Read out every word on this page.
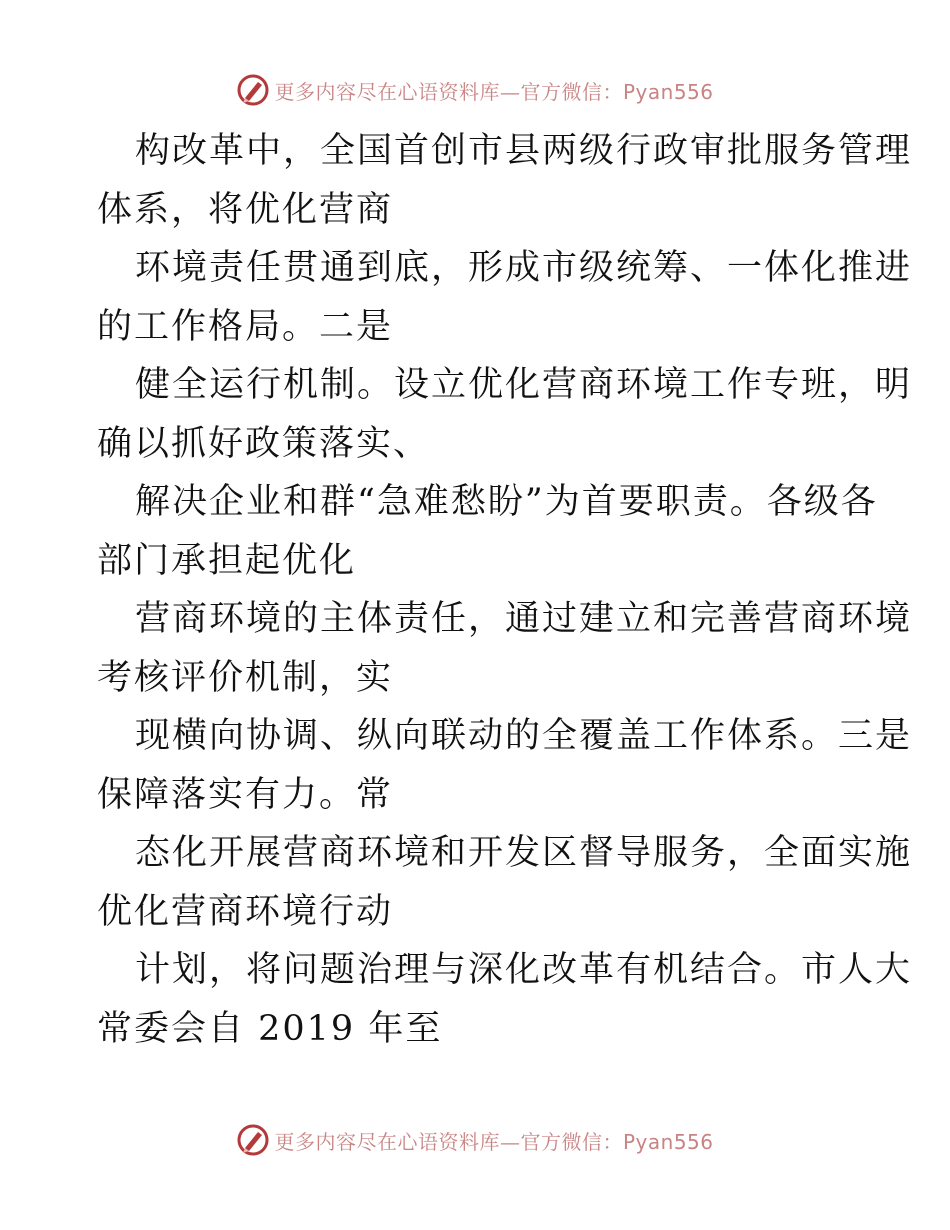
更多内容尽在心语资料库—官方微信：Pyan556
构改革中，全国首创市县两级行政审批服务管理
体系，将优化营商
环境责任贯通到底，形成市级统筹、一体化推进
的工作格局。二是
健全运行机制。设立优化营商环境工作专班，明
确以抓好政策落实、
解决企业和群“急难愁盼”为首要职责。各级各
部门承担起优化
营商环境的主体责任，通过建立和完善营商环境
考核评价机制，实
现横向协调、纵向联动的全覆盖工作体系。三是
保障落实有力。常
态化开展营商环境和开发区督导服务，全面实施
优化营商环境行动
计划，将问题治理与深化改革有机结合。市人大
常委会自 2019 年至
更多内容尽在心语资料库—官方微信：Pyan556
